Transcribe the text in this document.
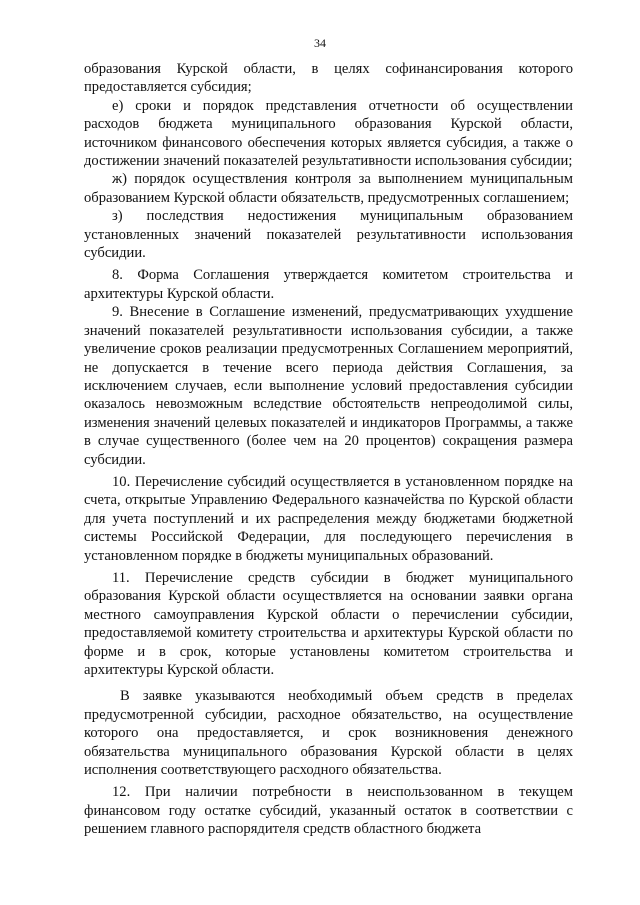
34

образования Курской области, в целях софинансирования которого предоставляется субсидия;

е) сроки и порядок представления отчетности об осуществлении расходов бюджета муниципального образования Курской области, источником финансового обеспечения которых является субсидия, а также о достижении значений показателей результативности использования субсидии;

ж) порядок осуществления контроля за выполнением муниципальным образованием Курской области обязательств, предусмотренных соглашением;

з) последствия недостижения муниципальным образованием установленных значений показателей результативности использования субсидии.

8. Форма Соглашения утверждается комитетом строительства и архитектуры Курской области.

9. Внесение в Соглашение изменений, предусматривающих ухудшение значений показателей результативности использования субсидии, а также увеличение сроков реализации предусмотренных Соглашением мероприятий, не допускается в течение всего периода действия Соглашения, за исключением случаев, если выполнение условий предоставления субсидии оказалось невозможным вследствие обстоятельств непреодолимой силы, изменения значений целевых показателей и индикаторов Программы, а также в случае существенного (более чем на 20 процентов) сокращения размера субсидии.

10. Перечисление субсидий осуществляется в установленном порядке на счета, открытые Управлению Федерального казначейства по Курской области для учета поступлений и их распределения между бюджетами бюджетной системы Российской Федерации, для последующего перечисления в установленном порядке в бюджеты муниципальных образований.

11. Перечисление средств субсидии в бюджет муниципального образования Курской области осуществляется на основании заявки органа местного самоуправления Курской области о перечислении субсидии, предоставляемой комитету строительства и архитектуры Курской области по форме и в срок, которые установлены комитетом строительства и архитектуры Курской области.

В заявке указываются необходимый объем средств в пределах предусмотренной субсидии, расходное обязательство, на осуществление которого она предоставляется, и срок возникновения денежного обязательства муниципального образования Курской области в целях исполнения соответствующего расходного обязательства.

12. При наличии потребности в неиспользованном в текущем финансовом году остатке субсидий, указанный остаток в соответствии с решением главного распорядителя средств областного бюджета
